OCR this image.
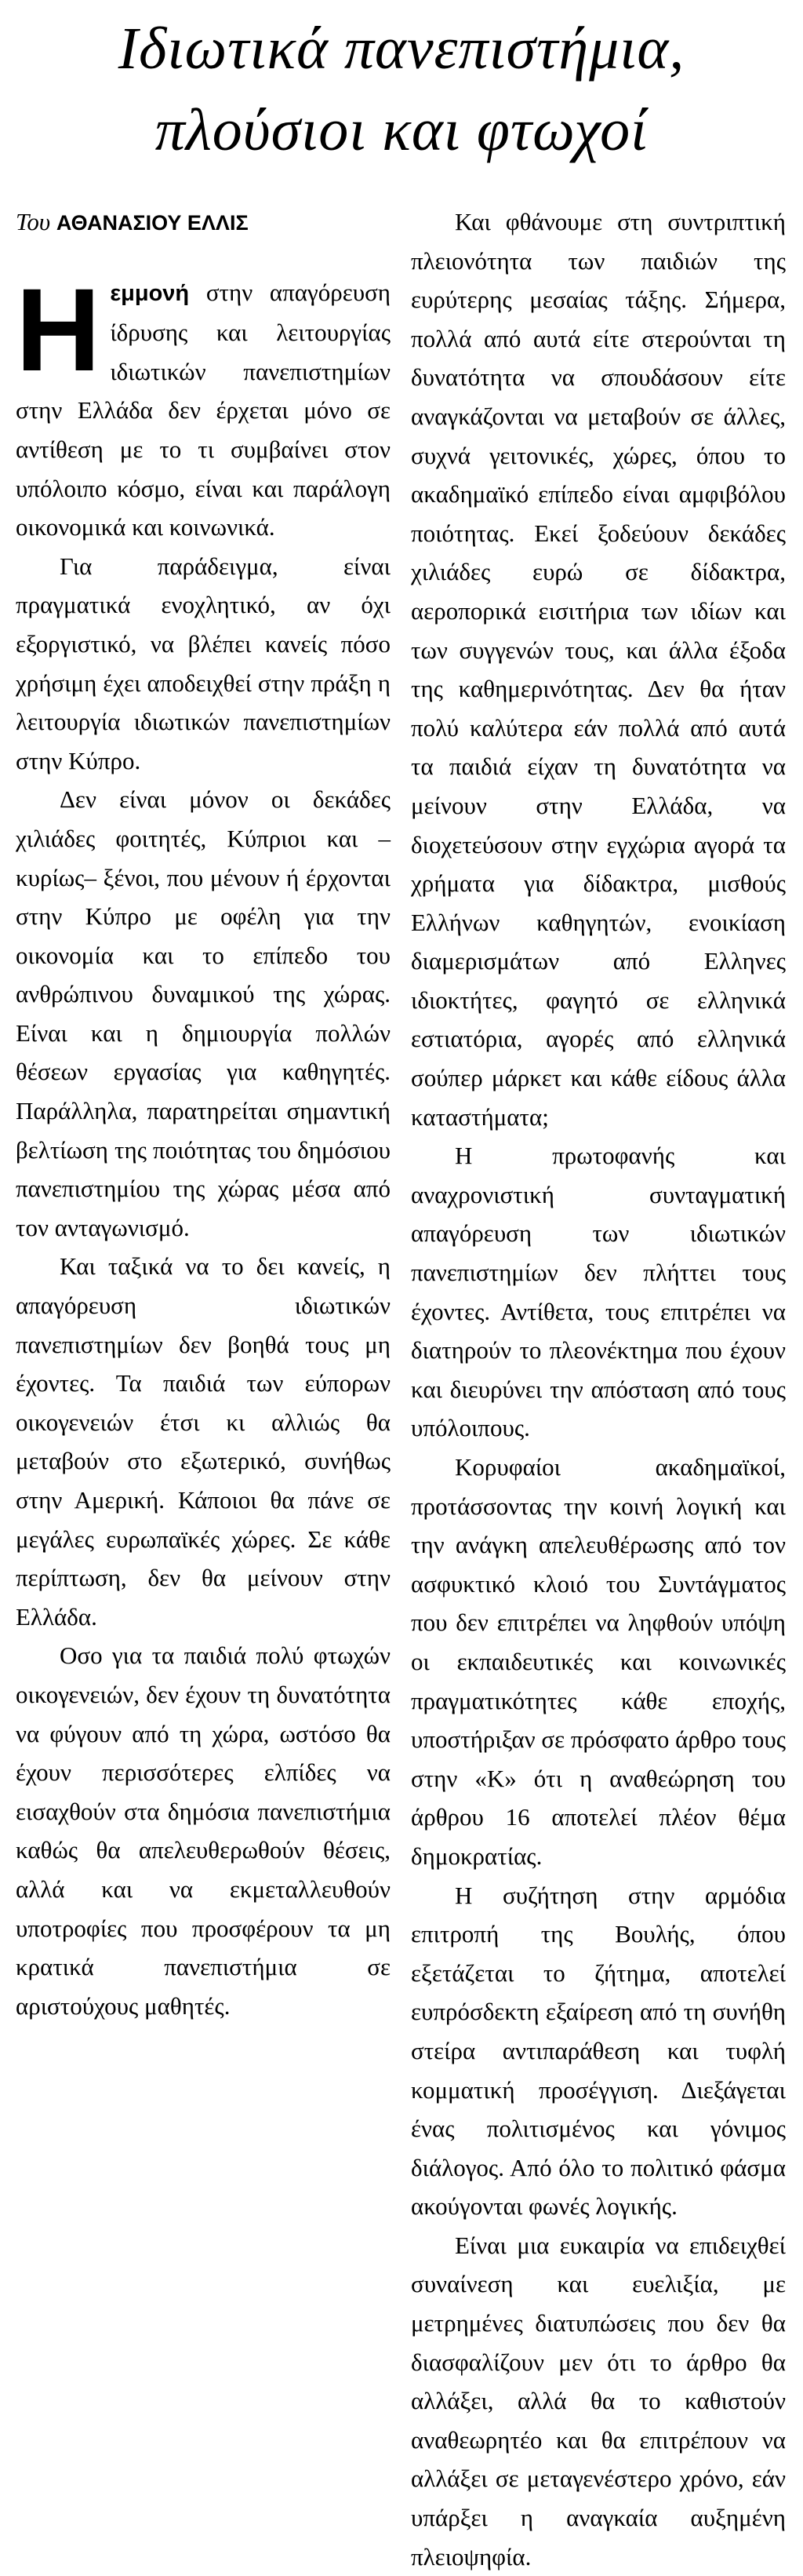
Ιδιωτικά πανεπιστήμια,
πλούσιοι και φτωχοί

Του ΑΘΑΝΑΣΙΟΥ ΕΛΛΙΣ

Ηεμμονή στην απαγόρευση ίδρυσης και λειτουργίας ιδιωτικών πανεπιστημίων στην Ελλάδα δεν έρχεται μόνο σε αντίθεση με το τι συμβαίνει στον υπόλοιπο κόσμο, είναι και παράλογη οικονομικά και κοινωνικά.

Για παράδειγμα, είναι πραγματικά ενοχλητικό, αν όχι εξοργιστικό, να βλέπει κανείς πόσο χρήσιμη έχει αποδειχθεί στην πράξη η λειτουργία ιδιωτικών πανεπιστημίων στην Κύπρο.

Δεν είναι μόνον οι δεκάδες χιλιάδες φοιτητές, Κύπριοι και –κυρίως– ξένοι, που μένουν ή έρχονται στην Κύπρο με οφέλη για την οικονομία και το επίπεδο του ανθρώπινου δυναμικού της χώρας. Είναι και η δημιουργία πολλών θέσεων εργασίας για καθηγητές. Παράλληλα, παρατηρείται σημαντική βελτίωση της ποιότητας του δημόσιου πανεπιστημίου της χώρας μέσα από τον ανταγωνισμό.

Και ταξικά να το δει κανείς, η απαγόρευση ιδιωτικών πανεπιστημίων δεν βοηθά τους μη έχοντες. Τα παιδιά των εύπορων οικογενειών έτσι κι αλλιώς θα μεταβούν στο εξωτερικό, συνήθως στην Αμερική. Κάποιοι θα πάνε σε μεγάλες ευρωπαϊκές χώρες. Σε κάθε περίπτωση, δεν θα μείνουν στην Ελλάδα.

Οσο για τα παιδιά πολύ φτωχών οικογενειών, δεν έχουν τη δυνατότητα να φύγουν από τη χώρα, ωστόσο θα έχουν περισσότερες ελπίδες να εισαχθούν στα δημόσια πανεπιστήμια καθώς θα απελευθερωθούν θέσεις, αλλά και να εκμεταλλευθούν υποτροφίες που προσφέρουν τα μη κρατικά πανεπιστήμια σε αριστούχους μαθητές.

Και φθάνουμε στη συντριπτική πλειονότητα των παιδιών της ευρύτερης μεσαίας τάξης. Σήμερα, πολλά από αυτά είτε στερούνται τη δυνατότητα να σπουδάσουν είτε αναγκάζονται να μεταβούν σε άλλες, συχνά γειτονικές, χώρες, όπου το ακαδημαϊκό επίπεδο είναι αμφιβόλου ποιότητας. Εκεί ξοδεύουν δεκάδες χιλιάδες ευρώ σε δίδακτρα, αεροπορικά εισιτήρια των ιδίων και των συγγενών τους, και άλλα έξοδα της καθημερινότητας. Δεν θα ήταν πολύ καλύτερα εάν πολλά από αυτά τα παιδιά είχαν τη δυνατότητα να μείνουν στην Ελλάδα, να διοχετεύσουν στην εγχώρια αγορά τα χρήματα για δίδακτρα, μισθούς Ελλήνων καθηγητών, ενοικίαση διαμερισμάτων από Ελληνες ιδιοκτήτες, φαγητό σε ελληνικά εστιατόρια, αγορές από ελληνικά σούπερ μάρκετ και κάθε είδους άλλα καταστήματα;

Η πρωτοφανής και αναχρονιστική συνταγματική απαγόρευση των ιδιωτικών πανεπιστημίων δεν πλήττει τους έχοντες. Αντίθετα, τους επιτρέπει να διατηρούν το πλεονέκτημα που έχουν και διευρύνει την απόσταση από τους υπόλοιπους.

Κορυφαίοι ακαδημαϊκοί, προτάσσοντας την κοινή λογική και την ανάγκη απελευθέρωσης από τον ασφυκτικό κλοιό του Συντάγματος που δεν επιτρέπει να ληφθούν υπόψη οι εκπαιδευτικές και κοινωνικές πραγματικότητες κάθε εποχής, υποστήριξαν σε πρόσφατο άρθρο τους στην «Κ» ότι η αναθεώρηση του άρθρου 16 αποτελεί πλέον θέμα δημοκρατίας.

Η συζήτηση στην αρμόδια επιτροπή της Βουλής, όπου εξετάζεται το ζήτημα, αποτελεί ευπρόσδεκτη εξαίρεση από τη συνήθη στείρα αντιπαράθεση και τυφλή κομματική προσέγγιση. Διεξάγεται ένας πολιτισμένος και γόνιμος διάλογος. Από όλο το πολιτικό φάσμα ακούγονται φωνές λογικής.

Είναι μια ευκαιρία να επιδειχθεί συναίνεση και ευελιξία, με μετρημένες διατυπώσεις που δεν θα διασφαλίζουν μεν ότι το άρθρο θα αλλάξει, αλλά θα το καθιστούν αναθεωρητέο και θα επιτρέπουν να αλλάξει σε μεταγενέστερο χρόνο, εάν υπάρξει η αναγκαία αυξημένη πλειοψηφία.
